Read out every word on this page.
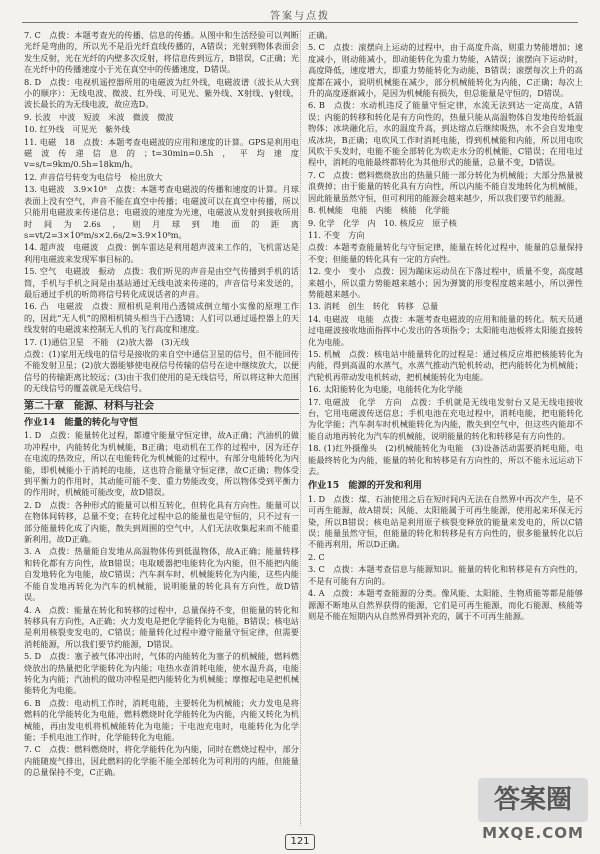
答案与点拨

7. C　点拨：本题考查光的传播、信息的传播。从图中和生活经验可以判断光纤是弯曲的，所以光不是沿光纤直线传播的，A错误；光射到物体表面会发生反射，光在光纤的内壁多次反射，将信息传到远方，B错误，C正确；光在光纤中的传播速度小于光在真空中的传播速度，D错误。

8. D　点拨：电视机遥控器所用的电磁波为红外线，电磁波谱（波长从大到小的顺序）：无线电波、微波、红外线、可见光、紫外线、X射线、γ射线，波长最长的为无线电波，故应选D。

9. 长波　中波　短波　米波　微波　微波

10. 红外线　可见光　紫外线

11. 电磁　18　点拨：本题考查电磁波的应用和速度的计算。GPS是利用电磁波传递信息的；t=30min=0.5h，平均速度 v=s/t=9km/0.5h=18km/h。

12. 声音信号转变为电信号　检出放大

13. 电磁波　3.9×10⁸　点拨：本题考查电磁波的传播和速度的计算。月球表面上没有空气，声音不能在真空中传播；电磁波可以在真空中传播，所以只能用电磁波来传递信息；电磁波的速度为光速，电磁波从发射到接收所用时间为2.6s，则月球到地面的距离s=vt/2=3×10⁸m/s×2.6s/2≈3.9×10⁸m。

14. 超声波　电磁波　点拨：倒车雷达是利用超声波来工作的，飞机雷达是利用电磁波来发现军事目标的。

15. 空气　电磁波　振动　点拨：我们听见的声音是由空气传播到手机的话筒，手机与手机之间是由基站通过无线电波来传递的，声音信号来发送的，最后通过手机的听筒将信号转化成说话者的声音。

16. 凸　电磁波　点拨：照相机是利用凸透镜成倒立缩小实像的原理工作的，因此“无人机”的照相机镜头相当于凸透镜；人们可以通过遥控器上的天线发射的电磁波来控制无人机的飞行高度和速度。

17. (1)通信卫星　不能　(2)放大器　(3)无线

点拨：(1)家用无线电的信号是接收的来自空中通信卫星的信号，但不能回传不能发射卫星；(2)放大器能够使电视信号传输的信号在途中继续放大，以便信号的传输距离比较远；(3)由于我们使用的是无线信号，所以将这种大范围的无线信号的覆盖就是无线信号。

第二十章　能源、材料与社会
作业14　能量的转化与守恒

1. D　点拨：能量转化过程，都遵守能量守恒定律，故A正确；汽油机的做功冲程中，内能转化为机械能，B正确；电动机在工作的过程中，因为还存在电流的热效应，所以在电能转化为机械能的过程中，有部分电能转化为内能，即机械能小于消耗的电能，这也符合能量守恒定律，故C正确；物体受到平衡力的作用时，其动能可能不变、重力势能改变，所以物体受到平衡力的作用时，机械能可能改变，故D错误。

2. D　点拨：各种形式的能量可以相互转化，但转化具有方向性。能量可以在物体间转移，总量不变；在转化过程中总的能量也是守恒的，只不过有一部分能量转化成了内能，散失到周围的空气中，人们无法收集起来而不能重新利用，故D正确。

3. A　点拨：热量能自发地从高温物体传到低温物体，故A正确；能量转移和转化都有方向性，故B错误；电取暖器把电能转化为内能，但不能把内能自发地转化为电能，故C错误；汽车刹车时，机械能转化为内能，这些内能不能自发地再转化为汽车的机械能，说明能量的转化具有方向性，故D错误。

4. A　点拨：能量在转化和转移的过程中，总量保持不变，但能量的转化和转移具有方向性，A正确；火力发电是把化学能转化为电能，B错误；核电站是利用核裂变发电的，C错误；能量转化过程中遵守能量守恒定律，但需要消耗能源，所以我们要节约能源，D错误。

5. D　点拨：塞子被气体冲出时，气体的内能转化为塞子的机械能，燃料燃烧放出的热量把化学能转化为内能；电热水壶消耗电能，使水温升高，电能转化为内能；汽油机的做功冲程是把内能转化为机械能；摩擦起电是把机械能转化为电能。

6. B　点拨：电动机工作时，消耗电能，主要转化为机械能；火力发电是将燃料的化学能转化为电能，燃料燃烧时化学能转化为内能，内能又转化为机械能，再由发电机将机械能转化为电能；干电池充电时，电能转化为化学能；手机电池工作时，化学能转化为电能。

7. C　点拨：燃料燃烧时，将化学能转化为内能，同时在燃烧过程中，部分内能随废气排出，因此燃料的化学能不能全部转化为可利用的内能，但能量的总量保持不变，C正确。

正确。

5. C　点拨：滚摆向上运动的过程中，由于高度升高，则重力势能增加；速度减小，则动能减小，即动能转化为重力势能，A错误；滚摆向下运动时，高度降低，速度增大，即重力势能转化为动能，B错误；滚摆每次上升的高度都在减小，说明机械能在减少，部分机械能转化为内能，C正确；每次上升的高度逐渐减小，是因为机械能有损失，但总能量是守恒的，D错误。

6. B　点拨：水动机违反了能量守恒定律，水流无法到达一定高度，A错误；内能的转移和转化是有方向性的，热量只能从高温物体自发地传给低温物体；冰块融化后，水的温度升高，到达熔点后继续吸热，水不会自发地变成冰块，B正确；电吹风工作时消耗电能，得到机械能和内能，所以用电吹风吹干头发时，电能不能全部转化为吹走水分的机械能，C错误；在用电过程中，消耗的电能最终都转化为其他形式的能量，总量不变，D错误。

7. C　点拨：燃料燃烧放出的热量只能一部分转化为机械能；大部分热量被浪费掉；由于能量的转化具有方向性，所以内能不能自发地转化为机械能，因此能量虽然守恒，但可利用的能源会越来越少，所以我们要节约能源。

8. 机械能　电能　内能　核能　化学能

9. 化学　化学　内　10. 核反应　原子核

11. 不变　方向

点拨：本题考查能量转化与守恒定律，能量在转化过程中，能量的总量保持不变；但能量的转化具有一定的方向性。

12. 变小　变小　点拨：因为蹦床运动员在下落过程中，质量不变，高度越来越小，所以重力势能越来越小；因为弹簧的形变程度越来越小，所以弹性势能越来越小。

13. 消耗　创生　转化　转移　总量

14. 电磁波　电能　点拨：本题考查电磁波的应用和能量的转化。航天员通过电磁波接收地面指挥中心发出的各项指令；太阳能电池板将太阳能直接转化为电能。

15. 机械　点拨：核电站中能量转化的过程是：通过核反应堆把核能转化为内能，得到高温的水蒸气，水蒸气推动汽轮机转动，把内能转化为机械能；汽轮机再带动发电机转动，把机械能转化为电能。

16. 太阳能转化为电能，电能转化为化学能

17. 电磁波　化学　方向　点拨：手机就是无线电发射台又是无线电接收台，它用电磁波传送信息；手机电池在充电过程中，消耗电能，把电能转化为化学能；汽车刹车时机械能转化为内能，散失到空气中，但这些内能却不能自动地再转化为汽车的机械能，说明能量的转化和转移是有方向性的。

18. (1)红外摄像头　(2)机械能转化为电能　(3)设备活动需要消耗电能，电能最终转化为内能，能量的转化和转移是有方向性的，所以不能永远运动下去。

作业15　能源的开发和利用

1. D　点拨：煤、石油使用之后在短时间内无法在自然界中再次产生，是不可再生能源，故A错误；风能、太阳能属于可再生能源，使用起来环保无污染，所以B错误；核电站是利用原子核裂变释放的能量来发电的，所以C错误；能量虽然守恒，但能量的转化和转移是有方向性的，很多能量转化以后不能再利用，所以D正确。

2. C

3. C　点拨：本题考查信息与能源知识。能量的转化和转移是有方向性的，不是有可能有方向的。

4. A　点拨：本题考查能源的分类。像风能、太阳能、生物质能等都是能够源源不断地从自然界获得的能源，它们是可再生能源，而化石能源、核能等则是不能在短期内从自然界得到补充的，属于不可再生能源。

121
答案圈
MXQE.COM
